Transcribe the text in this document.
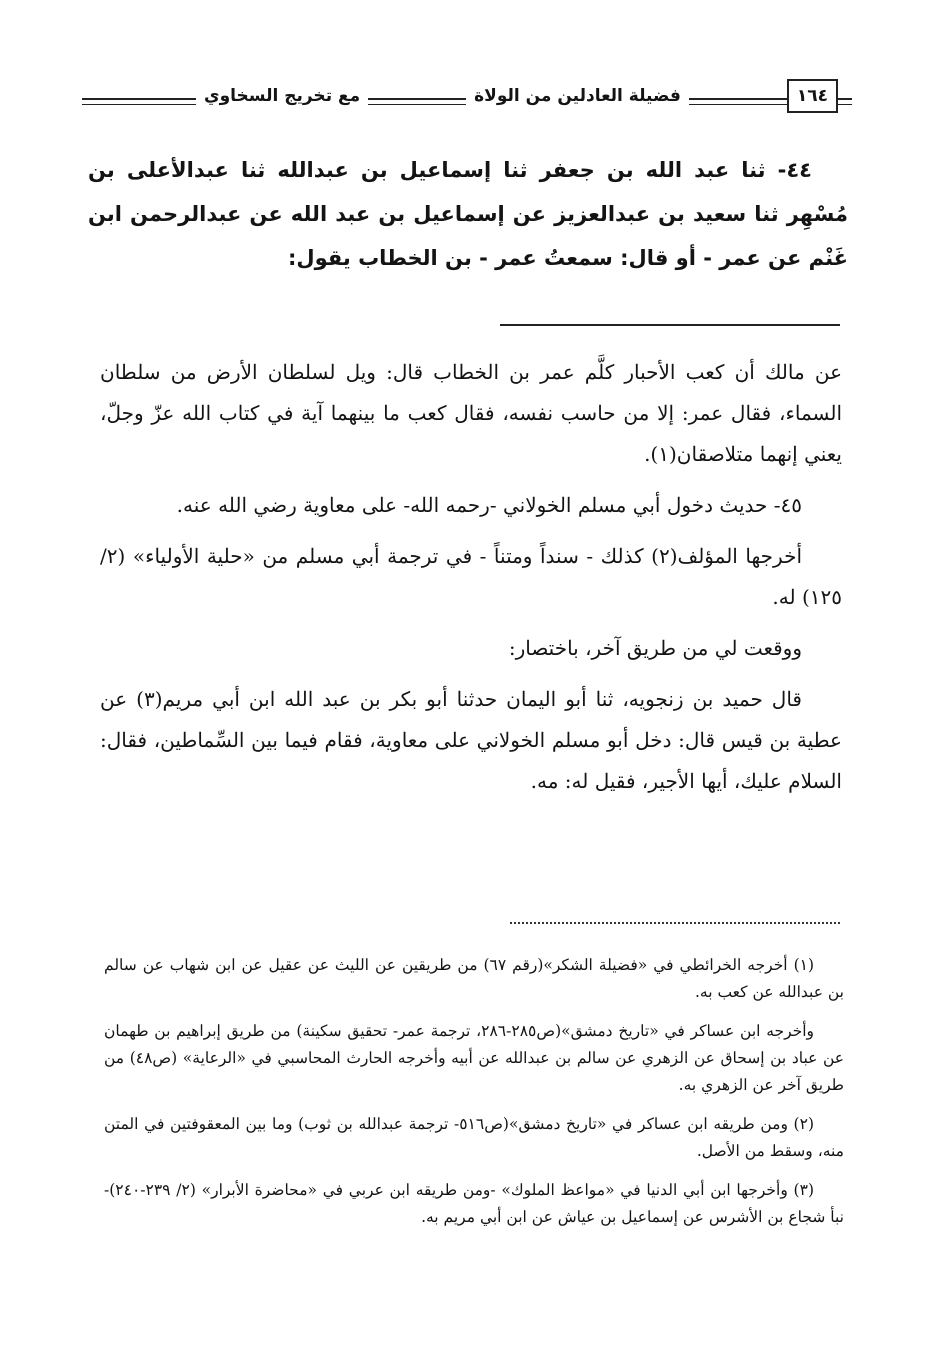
١٦٤
فضيلة العادلين من الولاة
مع تخريج السخاوي

٤٤- ثنا عبد الله بن جعفر ثنا إسماعيل بن عبدالله ثنا عبدالأعلى بن مُسْهِر ثنا سعيد بن عبدالعزيز عن إسماعيل بن عبد الله عن عبدالرحمن ابن غَنْم عن عمر - أو قال: سمعتُ عمر - بن الخطاب يقول:

عن مالك أن كعب الأحبار كلَّم عمر بن الخطاب قال: ويل لسلطان الأرض من سلطان السماء، فقال عمر: إلا من حاسب نفسه، فقال كعب ما بينهما آية في كتاب الله عزّ وجلّ، يعني إنهما متلاصقان(١).

٤٥- حديث دخول أبي مسلم الخولاني -رحمه الله- على معاوية رضي الله عنه.

أخرجها المؤلف(٢) كذلك - سنداً ومتناً - في ترجمة أبي مسلم من «حلية الأولياء» (٢/ ١٢٥) له.

ووقعت لي من طريق آخر، باختصار:

قال حميد بن زنجويه، ثنا أبو اليمان حدثنا أبو بكر بن عبد الله ابن أبي مريم(٣) عن عطية بن قيس قال: دخل أبو مسلم الخولاني على معاوية، فقام فيما بين السِّماطين، فقال: السلام عليك، أيها الأجير، فقيل له: مه.

(١) أخرجه الخرائطي في «فضيلة الشكر»(رقم ٦٧) من طريقين عن الليث عن عقيل عن ابن شهاب عن سالم بن عبدالله عن كعب به.

وأخرجه ابن عساكر في «تاريخ دمشق»(ص٢٨٥-٢٨٦، ترجمة عمر- تحقيق سكينة) من طريق إبراهيم بن طهمان عن عباد بن إسحاق عن الزهري عن سالم بن عبدالله عن أبيه وأخرجه الحارث المحاسبي في «الرعاية» (ص٤٨) من طريق آخر عن الزهري به.

(٢) ومن طريقه ابن عساكر في «تاريخ دمشق»(ص٥١٦- ترجمة عبدالله بن ثوب) وما بين المعقوفتين في المتن منه، وسقط من الأصل.

(٣) وأخرجها ابن أبي الدنيا في «مواعظ الملوك» -ومن طريقه ابن عربي في «محاضرة الأبرار» (٢/ ٢٣٩-٢٤٠)- نبأ شجاع بن الأشرس عن إسماعيل بن عياش عن ابن أبي مريم به.
